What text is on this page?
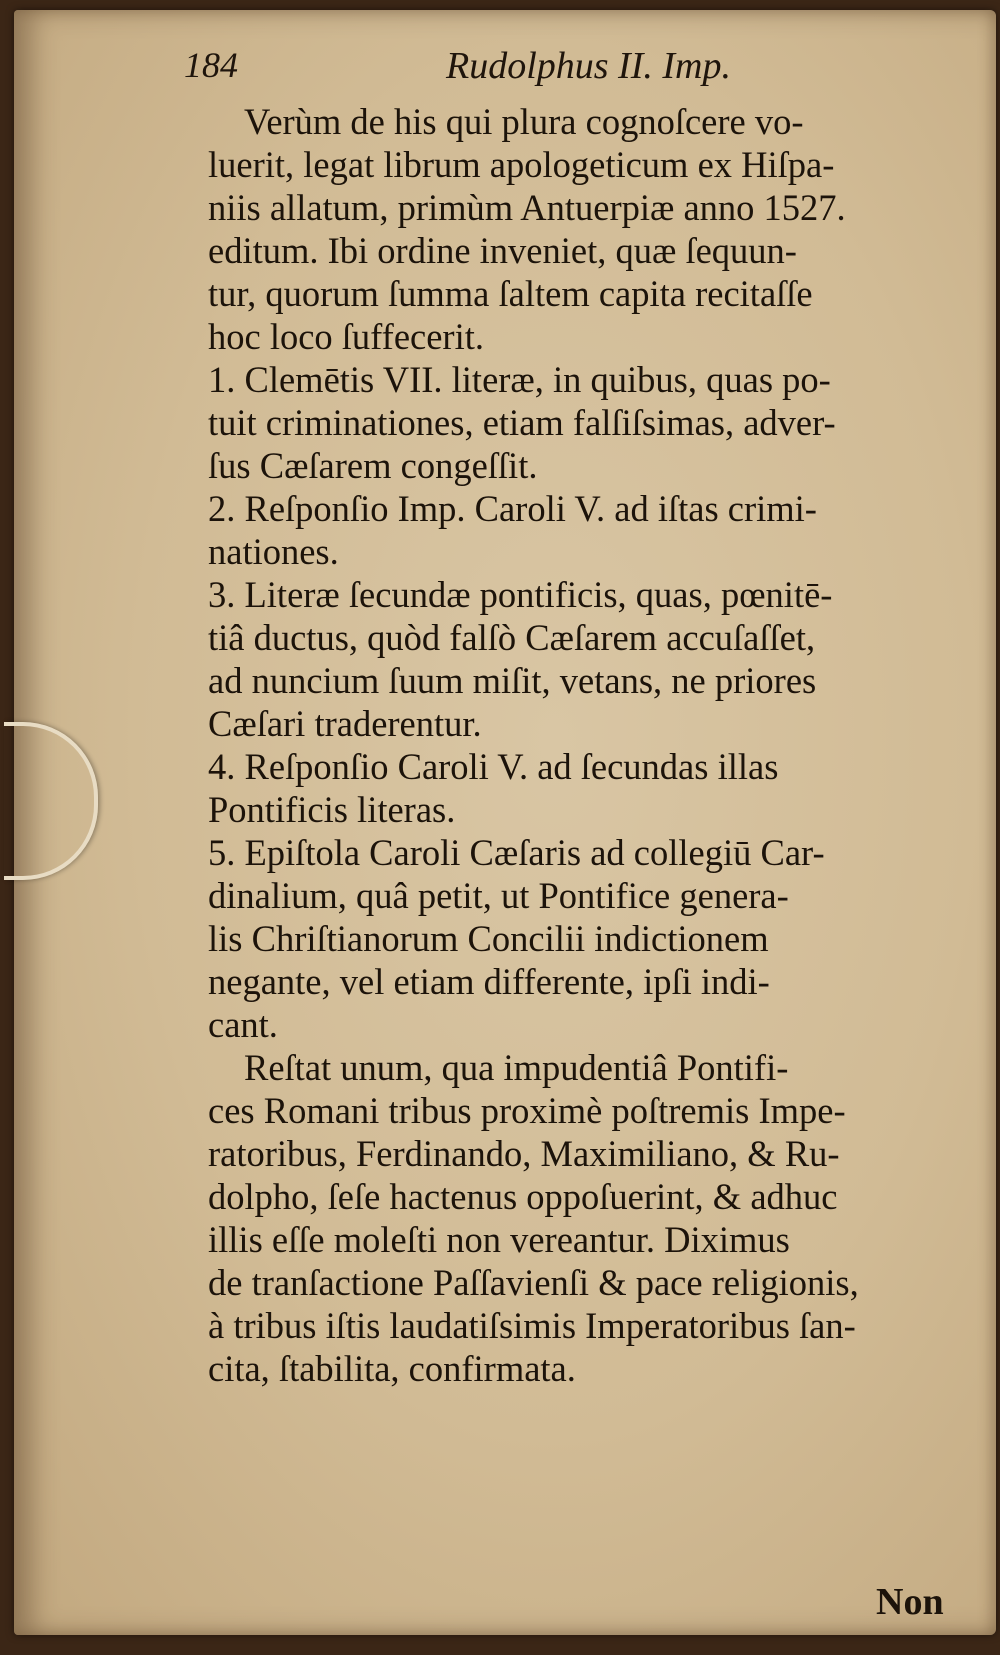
184	Rudolphus II. Imp.
Verùm de his qui plura cognoſcere vo-
luerit, legat librum apologeticum ex Hiſpa-
niis allatum, primùm Antuerpiæ anno 1527.
editum. Ibi ordine inveniet, quæ ſequun-
tur, quorum ſumma ſaltem capita recitaſſe
hoc loco ſuffecerit.
1. Clemētis VII. literæ, in quibus, quas po-
tuit criminationes, etiam falſiſsimas, adver-
ſus Cæſarem congeſſit.
2. Reſponſio Imp. Caroli V. ad iſtas crimi-
nationes.
3. Literæ ſecundæ pontificis, quas, pœnitē-
tiâ ductus, quòd falſò Cæſarem accuſaſſet,
ad nuncium ſuum miſit, vetans, ne priores
Cæſari traderentur.
4. Reſponſio Caroli V. ad ſecundas illas
Pontificis literas.
5. Epiſtola Caroli Cæſaris ad collegiū Car-
dinalium, quâ petit, ut Pontifice genera-
lis Chriſtianorum Concilii indictionem
negante, vel etiam differente, ipſi indi-
cant.
Reſtat unum, qua impudentiâ Pontifi-
ces Romani tribus proximè poſtremis Impe-
ratoribus, Ferdinando, Maximiliano, & Ru-
dolpho, ſeſe hactenus oppoſuerint, & adhuc
illis eſſe moleſti non vereantur. Diximus
de tranſactione Paſſavienſi & pace religionis,
à tribus iſtis laudatiſsimis Imperatoribus ſan-
cita, ſtabilita, confirmata.
Non
